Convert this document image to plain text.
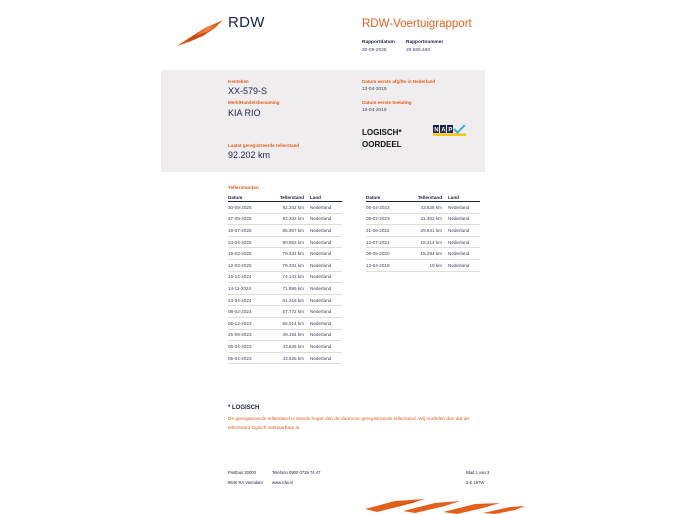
RDW	RDW-Voertuigrapport
Rapportdatum
30-09-2025
Rapportnummer
29.565.460
Kenteken
XX-579-S
Merk/Handelsbenaming
KIA RIO
Laatst geregistreerde tellerstand
92.202 km
Datum eerste afgifte in Nederland
13-04-2019
Datum eerste toelating
13-04-2019
LOGISCH*
OORDEEL
N A P
Tellerstanden
Datum	Tellerstand	Land
30-09-2025	92.202 km	Nederland
27-09-2025	92.202 km	Nederland
18-07-2025	85.967 km	Nederland
24-04-2025	80.963 km	Nederland
19-03-2025	79.331 km	Nederland
12-03-2025	79.331 km	Nederland
16-12-2024	74.142 km	Nederland
14-11-2024	71.999 km	Nederland
24-04-2024	61.215 km	Nederland
08-02-2024	57.772 km	Nederland
06-12-2023	55.014 km	Nederland
26-09-2023	49.194 km	Nederland
06-04-2023	43.626 km	Nederland
05-04-2023	43.625 km	Nederland
Datum	Tellerstand	Land
05-04-2023	43.625 km	Nederland
08-02-2023	41.302 km	Nederland
21-06-2022	29.841 km	Nederland
12-07-2021	18.314 km	Nederland
06-05-2020	18.294 km	Nederland
13-04-2019	10 km	Nederland
* LOGISCH
De geregistreerde tellerstand is steeds hoger dan de daarvoor geregistreerde tellerstand. Wij oordelen dan dat de tellerstand logisch verklaarbaar is.
Postbus 30000
9640 RA Veendam
Telefoon 0900 0739 74 47
www.rdw.nl
Blad 1 van 3
3.E 197W
